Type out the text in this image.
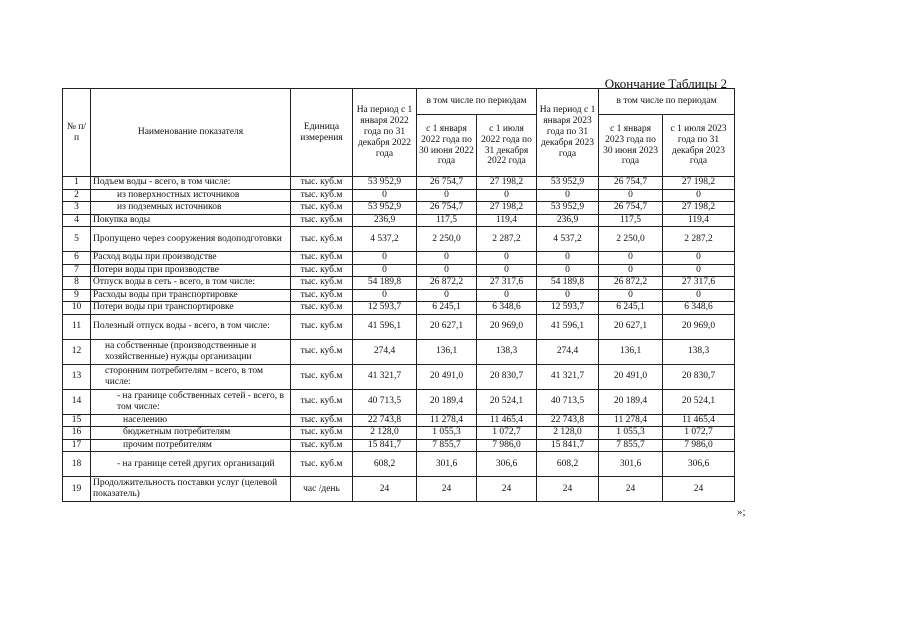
Окончание Таблицы 2
№ п/п	Наименование показателя	Единица измерения	На период с 1 января 2022 года по 31 декабря 2022 года	в том числе по периодам		На период с 1 января 2023 года по 31 декабря 2023 года	в том числе по периодам	
				с 1 января 2022 года по 30 июня 2022 года	с 1 июля 2022 года по 31 декабря 2022 года		с 1 января 2023 года по 30 июня 2023 года	с 1 июля 2023 года по 31 декабря 2023 года
1	Подъем воды - всего, в том числе:	тыс. куб.м	53 952,9	26 754,7	27 198,2	53 952,9	26 754,7	27 198,2
2	из поверхностных источников	тыс. куб.м	0	0	0	0	0	0
3	из подземных источников	тыс. куб.м	53 952,9	26 754,7	27 198,2	53 952,9	26 754,7	27 198,2
4	Покупка воды	тыс. куб.м	236,9	117,5	119,4	236,9	117,5	119,4
5	Пропущено через сооружения водоподготовки	тыс. куб.м	4 537,2	2 250,0	2 287,2	4 537,2	2 250,0	2 287,2
6	Расход воды при производстве	тыс. куб.м	0	0	0	0	0	0
7	Потери воды при производстве	тыс. куб.м	0	0	0	0	0	0
8	Отпуск воды в сеть - всего, в том числе:	тыс. куб.м	54 189,8	26 872,2	27 317,6	54 189,8	26 872,2	27 317,6
9	Расходы воды при транспортировке	тыс. куб.м	0	0	0	0	0	0
10	Потери воды при транспортировке	тыс. куб.м	12 593,7	6 245,1	6 348,6	12 593,7	6 245,1	6 348,6
11	Полезный отпуск воды - всего, в том числе:	тыс. куб.м	41 596,1	20 627,1	20 969,0	41 596,1	20 627,1	20 969,0
12	на собственные (производственные и хозяйственные) нужды организации	тыс. куб.м	274,4	136,1	138,3	274,4	136,1	138,3
13	сторонним потребителям - всего, в том числе:	тыс. куб.м	41 321,7	20 491,0	20 830,7	41 321,7	20 491,0	20 830,7
14	- на границе собственных сетей - всего, в том числе:	тыс. куб.м	40 713,5	20 189,4	20 524,1	40 713,5	20 189,4	20 524,1
15	населению	тыс. куб.м	22 743,8	11 278,4	11 465,4	22 743,8	11 278,4	11 465,4
16	бюджетным потребителям	тыс. куб.м	2 128,0	1 055,3	1 072,7	2 128,0	1 055,3	1 072,7
17	прочим потребителям	тыс. куб.м	15 841,7	7 855,7	7 986,0	15 841,7	7 855,7	7 986,0
18	- на границе сетей других организаций	тыс. куб.м	608,2	301,6	306,6	608,2	301,6	306,6
19	Продолжительность поставки услуг (целевой показатель)	час /день	24	24	24	24	24	24
»;
